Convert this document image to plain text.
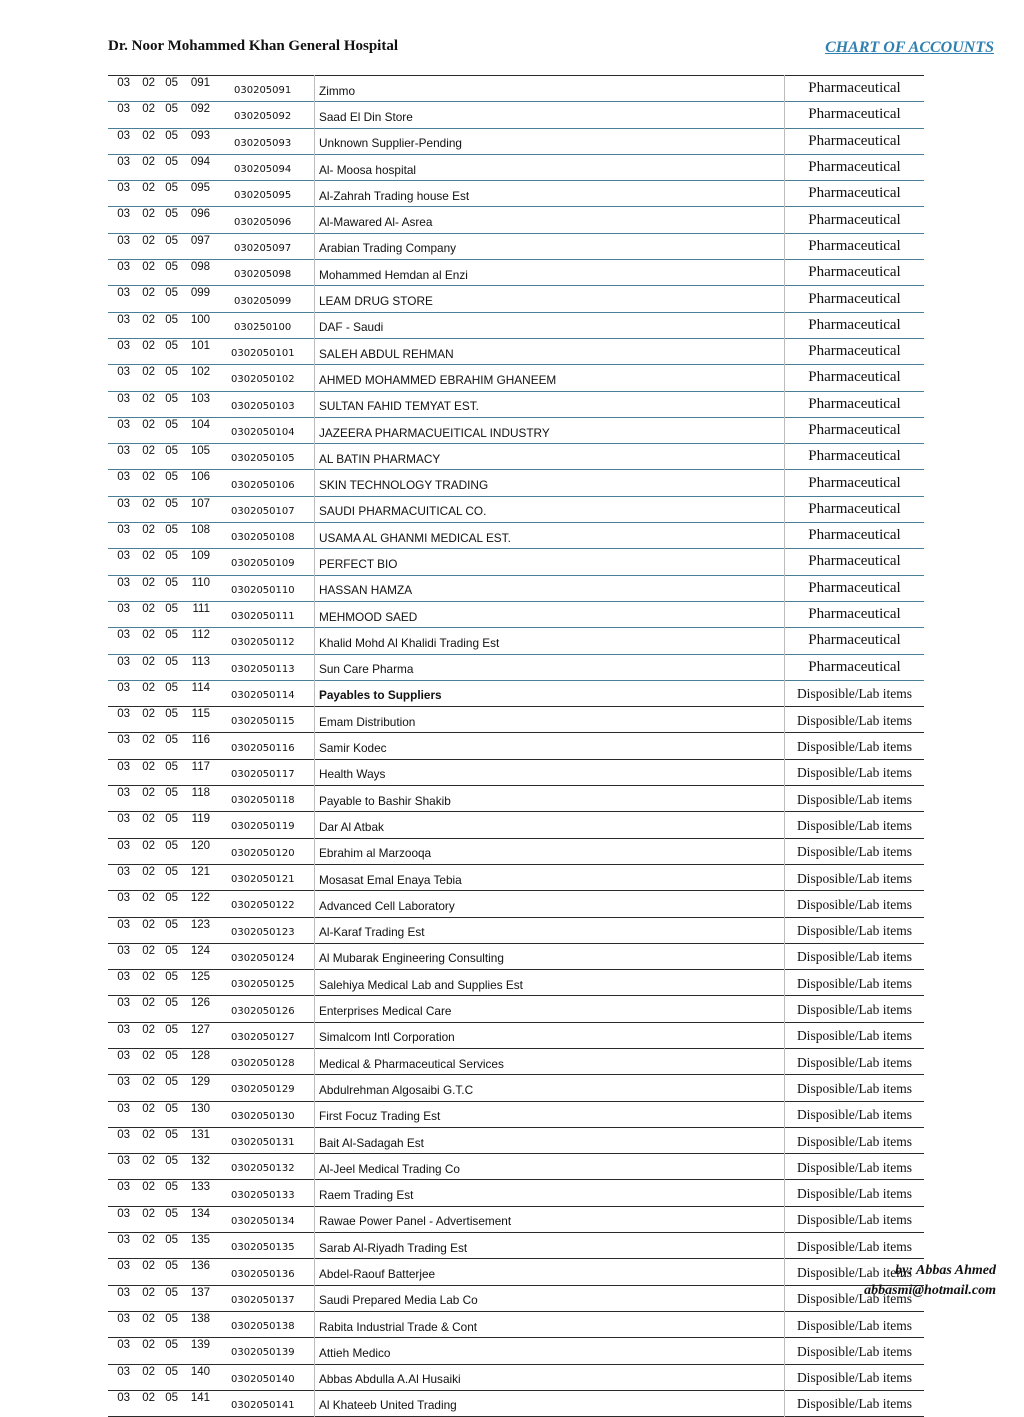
Dr. Noor Mohammed Khan General Hospital	CHART OF ACCOUNTS
03 02 05 091	030205091	Zimmo	Pharmaceutical
03 02 05 092	030205092	Saad El Din Store	Pharmaceutical
03 02 05 093	030205093	Unknown Supplier-Pending	Pharmaceutical
03 02 05 094	030205094	Al- Moosa hospital	Pharmaceutical
03 02 05 095	030205095	Al-Zahrah Trading house Est	Pharmaceutical
03 02 05 096	030205096	Al-Mawared Al- Asrea	Pharmaceutical
03 02 05 097	030205097	Arabian Trading Company	Pharmaceutical
03 02 05 098	030205098	Mohammed Hemdan al Enzi	Pharmaceutical
03 02 05 099	030205099	LEAM DRUG STORE	Pharmaceutical
03 02 05 100	030250100	DAF - Saudi	Pharmaceutical
03 02 05 101	0302050101	SALEH ABDUL REHMAN	Pharmaceutical
03 02 05 102	0302050102	AHMED MOHAMMED EBRAHIM GHANEEM	Pharmaceutical
03 02 05 103	0302050103	SULTAN FAHID TEMYAT EST.	Pharmaceutical
03 02 05 104	0302050104	JAZEERA PHARMACUEITICAL INDUSTRY	Pharmaceutical
03 02 05 105	0302050105	AL BATIN PHARMACY	Pharmaceutical
03 02 05 106	0302050106	SKIN TECHNOLOGY TRADING	Pharmaceutical
03 02 05 107	0302050107	SAUDI PHARMACUITICAL CO.	Pharmaceutical
03 02 05 108	0302050108	USAMA AL GHANMI MEDICAL EST.	Pharmaceutical
03 02 05 109	0302050109	PERFECT BIO	Pharmaceutical
03 02 05 110	0302050110	HASSAN HAMZA	Pharmaceutical
03 02 05 111	0302050111	MEHMOOD SAED	Pharmaceutical
03 02 05 112	0302050112	Khalid Mohd Al Khalidi Trading Est	Pharmaceutical
03 02 05 113	0302050113	Sun Care Pharma	Pharmaceutical
03 02 05 114	0302050114	Payables to Suppliers	Disposible/Lab items
03 02 05 115	0302050115	Emam Distribution	Disposible/Lab items
03 02 05 116	0302050116	Samir Kodec	Disposible/Lab items
03 02 05 117	0302050117	Health Ways	Disposible/Lab items
03 02 05 118	0302050118	Payable to Bashir Shakib	Disposible/Lab items
03 02 05 119	0302050119	Dar Al Atbak	Disposible/Lab items
03 02 05 120	0302050120	Ebrahim al Marzooqa	Disposible/Lab items
03 02 05 121	0302050121	Mosasat Emal Enaya Tebia	Disposible/Lab items
03 02 05 122	0302050122	Advanced Cell Laboratory	Disposible/Lab items
03 02 05 123	0302050123	Al-Karaf Trading Est	Disposible/Lab items
03 02 05 124	0302050124	Al Mubarak Engineering Consulting	Disposible/Lab items
03 02 05 125	0302050125	Salehiya Medical Lab and Supplies Est	Disposible/Lab items
03 02 05 126	0302050126	Enterprises Medical Care	Disposible/Lab items
03 02 05 127	0302050127	Simalcom Intl Corporation	Disposible/Lab items
03 02 05 128	0302050128	Medical & Pharmaceutical Services	Disposible/Lab items
03 02 05 129	0302050129	Abdulrehman Algosaibi G.T.C	Disposible/Lab items
03 02 05 130	0302050130	First Focuz Trading Est	Disposible/Lab items
03 02 05 131	0302050131	Bait Al-Sadagah Est	Disposible/Lab items
03 02 05 132	0302050132	Al-Jeel Medical Trading Co	Disposible/Lab items
03 02 05 133	0302050133	Raem Trading Est	Disposible/Lab items
03 02 05 134	0302050134	Rawae Power Panel - Advertisement	Disposible/Lab items
03 02 05 135	0302050135	Sarab Al-Riyadh Trading Est	Disposible/Lab items
03 02 05 136	0302050136	Abdel-Raouf Batterjee	Disposible/Lab items
03 02 05 137	0302050137	Saudi Prepared Media Lab Co	Disposible/Lab items
03 02 05 138	0302050138	Rabita Industrial Trade & Cont	Disposible/Lab items
03 02 05 139	0302050139	Attieh Medico	Disposible/Lab items
03 02 05 140	0302050140	Abbas Abdulla A.Al Husaiki	Disposible/Lab items
03 02 05 141	0302050141	Al Khateeb United Trading	Disposible/Lab items
by: Abbas Ahmed
abbasmi@hotmail.com
